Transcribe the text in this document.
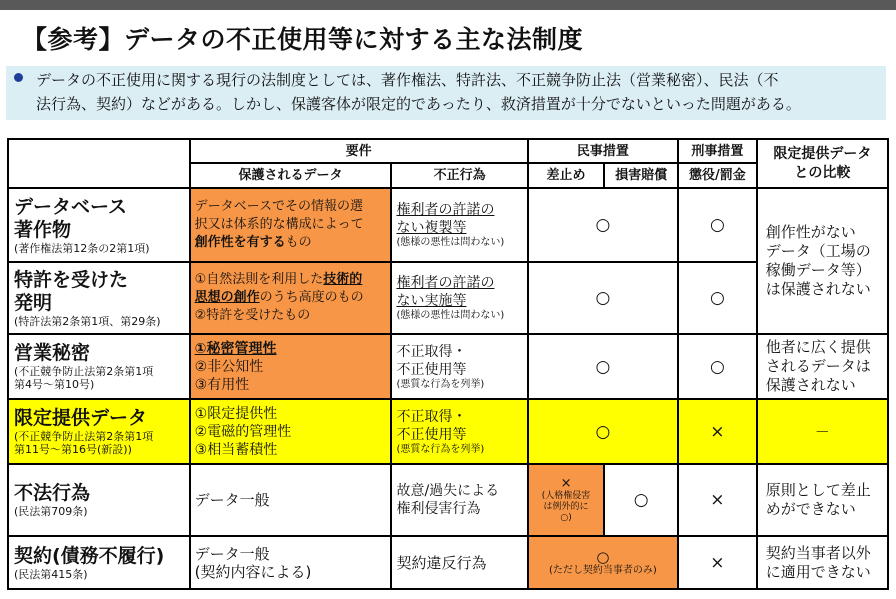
【参考】データの不正使用等に対する主な法制度
データの不正使用に関する現行の法制度としては、著作権法、特許法、不正競争防止法（営業秘密）、民法（不
法行為、契約）などがある。しかし、保護客体が限定的であったり、救済措置が十分でないといった問題がある。
	要件		民事措置		刑事措置	限定提供データ
との比較
	保護されるデータ	不正行為	差止め	損害賠償	懲役/罰金	

データベース
著作物
(著作権法第12条の2第1項)	データベースでその情報の選
択又は体系的な構成によって
創作性を有するもの	権利者の許諾の
ない複製等
(態様の悪性は問わない)	○		○	創作性がない
データ（工場の
稼働データ等）
は保護されない

特許を受けた
発明
(特許法第2条第1項、第29条)	①自然法則を利用した技術的
思想の創作のうち高度のもの
②特許を受けたもの	権利者の許諾の
ない実施等
(態様の悪性は問わない)	○		○	

営業秘密
(不正競争防止法第2条第1項
第4号～第10号)	①秘密管理性
②非公知性
③有用性	不正取得・
不正使用等
(悪質な行為を列挙)	○		○	他者に広く提供
されるデータは
保護されない

限定提供データ
(不正競争防止法第2条第1項
第11号～第16号(新設))	①限定提供性
②電磁的管理性
③相当蓄積性	不正取得・
不正使用等
(悪質な行為を列挙)	○		×	－

不法行為
(民法第709条)	データ一般	故意/過失による
権利侵害行為	×
(人格権侵害
は例外的に
○)	○	×	原則として差止
めができない

契約(債務不履行)
(民法第415条)	データ一般
(契約内容による)	契約違反行為	○
(ただし契約当事者のみ)		×	契約当事者以外
に適用できない
